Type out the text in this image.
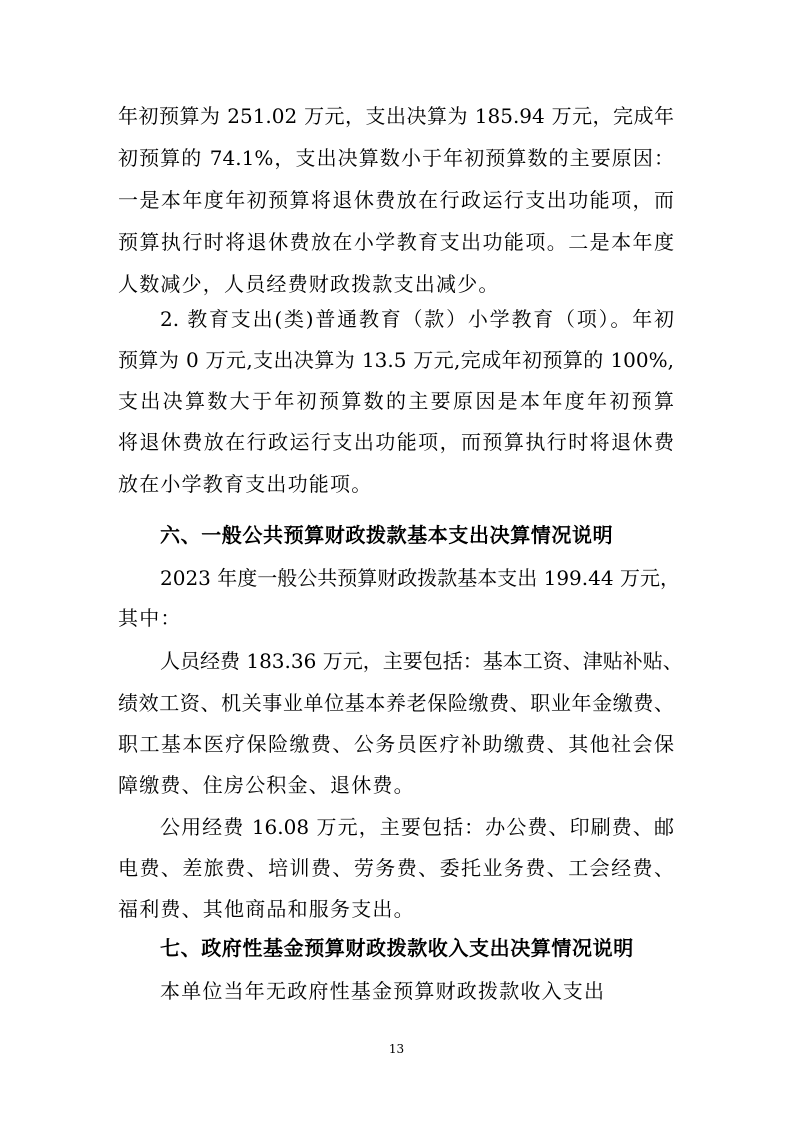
年初预算为 251.02 万元，支出决算为 185.94 万元，完成年
初预算的 74.1%，支出决算数小于年初预算数的主要原因：
一是本年度年初预算将退休费放在行政运行支出功能项，而
预算执行时将退休费放在小学教育支出功能项。二是本年度
人数减少，人员经费财政拨款支出减少。
2. 教育支出(类)普通教育（款）小学教育（项）。年初
预算为 0 万元,支出决算为 13.5 万元,完成年初预算的 100%,
支出决算数大于年初预算数的主要原因是本年度年初预算
将退休费放在行政运行支出功能项，而预算执行时将退休费
放在小学教育支出功能项。
六、一般公共预算财政拨款基本支出决算情况说明
2023 年度一般公共预算财政拨款基本支出 199.44 万元，
其中：
人员经费 183.36 万元，主要包括：基本工资、津贴补贴、
绩效工资、机关事业单位基本养老保险缴费、职业年金缴费、
职工基本医疗保险缴费、公务员医疗补助缴费、其他社会保
障缴费、住房公积金、退休费。
公用经费 16.08 万元，主要包括：办公费、印刷费、邮
电费、差旅费、培训费、劳务费、委托业务费、工会经费、
福利费、其他商品和服务支出。
七、政府性基金预算财政拨款收入支出决算情况说明
本单位当年无政府性基金预算财政拨款收入支出
13
